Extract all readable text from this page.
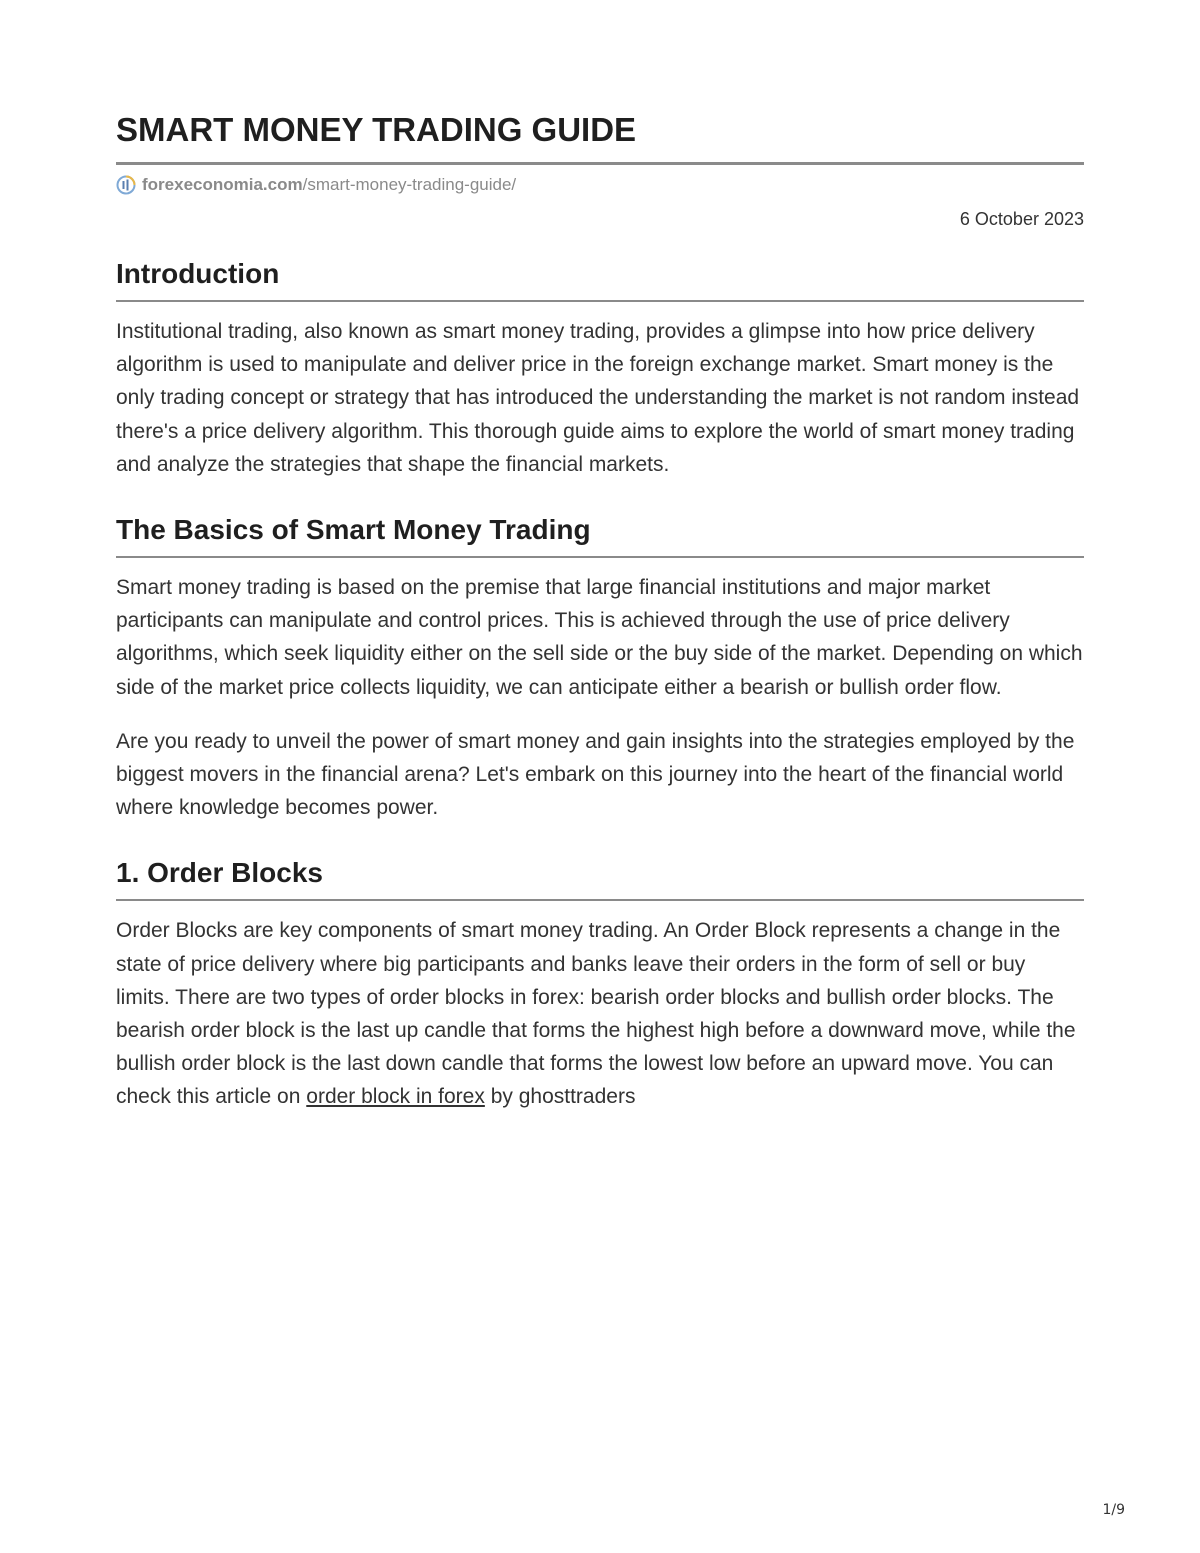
SMART MONEY TRADING GUIDE
forexeconomia.com /smart-money-trading-guide/
6 October 2023
Introduction

Institutional trading, also known as smart money trading, provides a glimpse into how price delivery algorithm is used to manipulate and deliver price in the foreign exchange market. Smart money is the only trading concept or strategy that has introduced the understanding the market is not random instead there's a price delivery algorithm. This thorough guide aims to explore the world of smart money trading and analyze the strategies that shape the financial markets.

The Basics of Smart Money Trading

Smart money trading is based on the premise that large financial institutions and major market participants can manipulate and control prices. This is achieved through the use of price delivery algorithms, which seek liquidity either on the sell side or the buy side of the market. Depending on which side of the market price collects liquidity, we can anticipate either a bearish or bullish order flow.

Are you ready to unveil the power of smart money and gain insights into the strategies employed by the biggest movers in the financial arena? Let's embark on this journey into the heart of the financial world where knowledge becomes power.

1. Order Blocks

Order Blocks are key components of smart money trading. An Order Block represents a change in the state of price delivery where big participants and banks leave their orders in the form of sell or buy limits. There are two types of order blocks in forex: bearish order blocks and bullish order blocks. The bearish order block is the last up candle that forms the highest high before a downward move, while the bullish order block is the last down candle that forms the lowest low before an upward move. You can check this article on order block in forex by ghosttraders

1/9
